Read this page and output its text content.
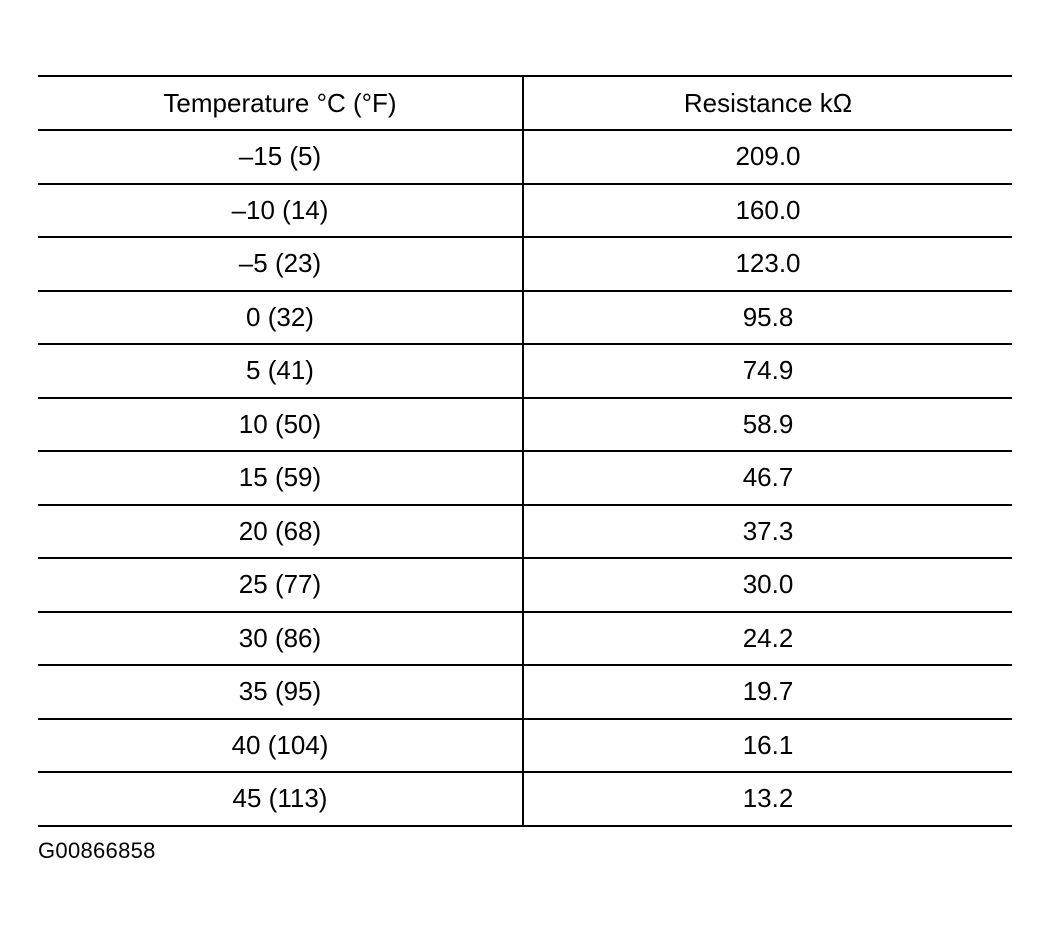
Temperature °C (°F)	Resistance kΩ
–15 (5)	209.0
–10 (14)	160.0
–5 (23)	123.0
0 (32)	95.8
5 (41)	74.9
10 (50)	58.9
15 (59)	46.7
20 (68)	37.3
25 (77)	30.0
30 (86)	24.2
35 (95)	19.7
40 (104)	16.1
45 (113)	13.2
G00866858
